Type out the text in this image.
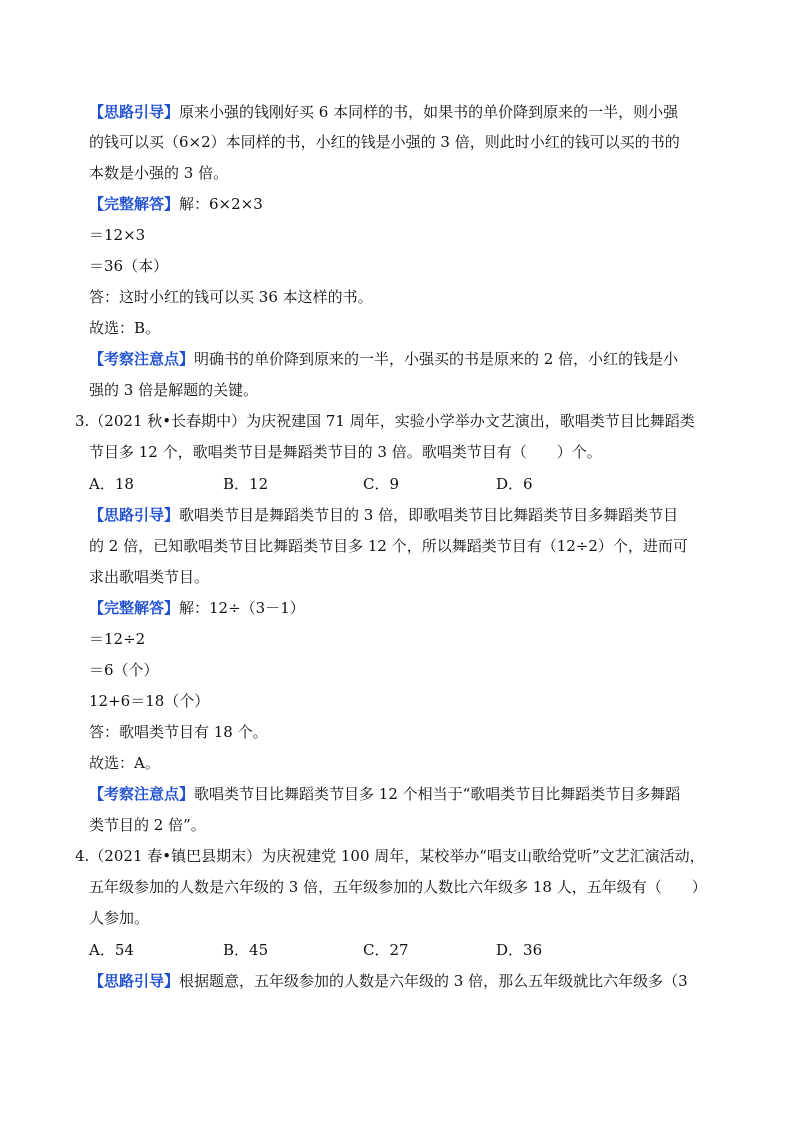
【思路引导】原来小强的钱刚好买 6 本同样的书，如果书的单价降到原来的一半，则小强
的钱可以买（6×2）本同样的书，小红的钱是小强的 3 倍，则此时小红的钱可以买的书的
本数是小强的 3 倍。
【完整解答】解：6×2×3
＝12×3
＝36（本）
答：这时小红的钱可以买 36 本这样的书。
故选：B。
【考察注意点】明确书的单价降到原来的一半，小强买的书是原来的 2 倍，小红的钱是小
强的 3 倍是解题的关键。
3.（2021 秋•长春期中）为庆祝建国 71 周年，实验小学举办文艺演出，歌唱类节目比舞蹈类
节目多 12 个，歌唱类节目是舞蹈类节目的 3 倍。歌唱类节目有（　　）个。
A．18	B．12	C．9	D．6
【思路引导】歌唱类节目是舞蹈类节目的 3 倍，即歌唱类节目比舞蹈类节目多舞蹈类节目
的 2 倍，已知歌唱类节目比舞蹈类节目多 12 个，所以舞蹈类节目有（12÷2）个，进而可
求出歌唱类节目。
【完整解答】解：12÷（3－1）
＝12÷2
＝6（个）
12+6＝18（个）
答：歌唱类节目有 18 个。
故选：A。
【考察注意点】歌唱类节目比舞蹈类节目多 12 个相当于“歌唱类节目比舞蹈类节目多舞蹈
类节目的 2 倍”。
4.（2021 春•镇巴县期末）为庆祝建党 100 周年，某校举办“唱支山歌给党听”文艺汇演活动，
五年级参加的人数是六年级的 3 倍，五年级参加的人数比六年级多 18 人，五年级有（　　）
人参加。
A．54	B．45	C．27	D．36
【思路引导】根据题意，五年级参加的人数是六年级的 3 倍，那么五年级就比六年级多（3
